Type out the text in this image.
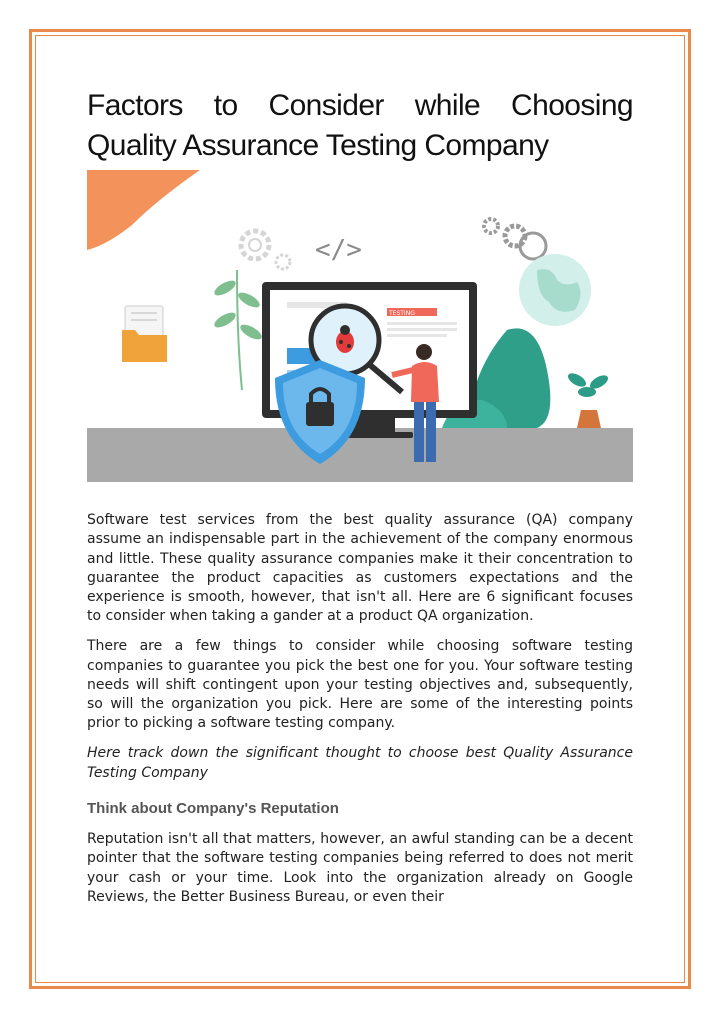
Factors to Consider while Choosing
Quality Assurance Testing Company
</>
TESTING

Software test services from the best quality assurance (QA) company assume an indispensable part in the achievement of the company enormous and little. These quality assurance companies make it their concentration to guarantee the product capacities as customers expectations and the experience is smooth, however, that isn't all. Here are 6 significant focuses to consider when taking a gander at a product QA organization.

There are a few things to consider while choosing software testing companies to guarantee you pick the best one for you. Your software testing needs will shift contingent upon your testing objectives and, subsequently, so will the organization you pick. Here are some of the interesting points prior to picking a software testing company.

Here track down the significant thought to choose best Quality Assurance Testing Company

Think about Company's Reputation

Reputation isn't all that matters, however, an awful standing can be a decent pointer that the software testing companies being referred to does not merit your cash or your time. Look into the organization already on Google Reviews, the Better Business Bureau, or even their
